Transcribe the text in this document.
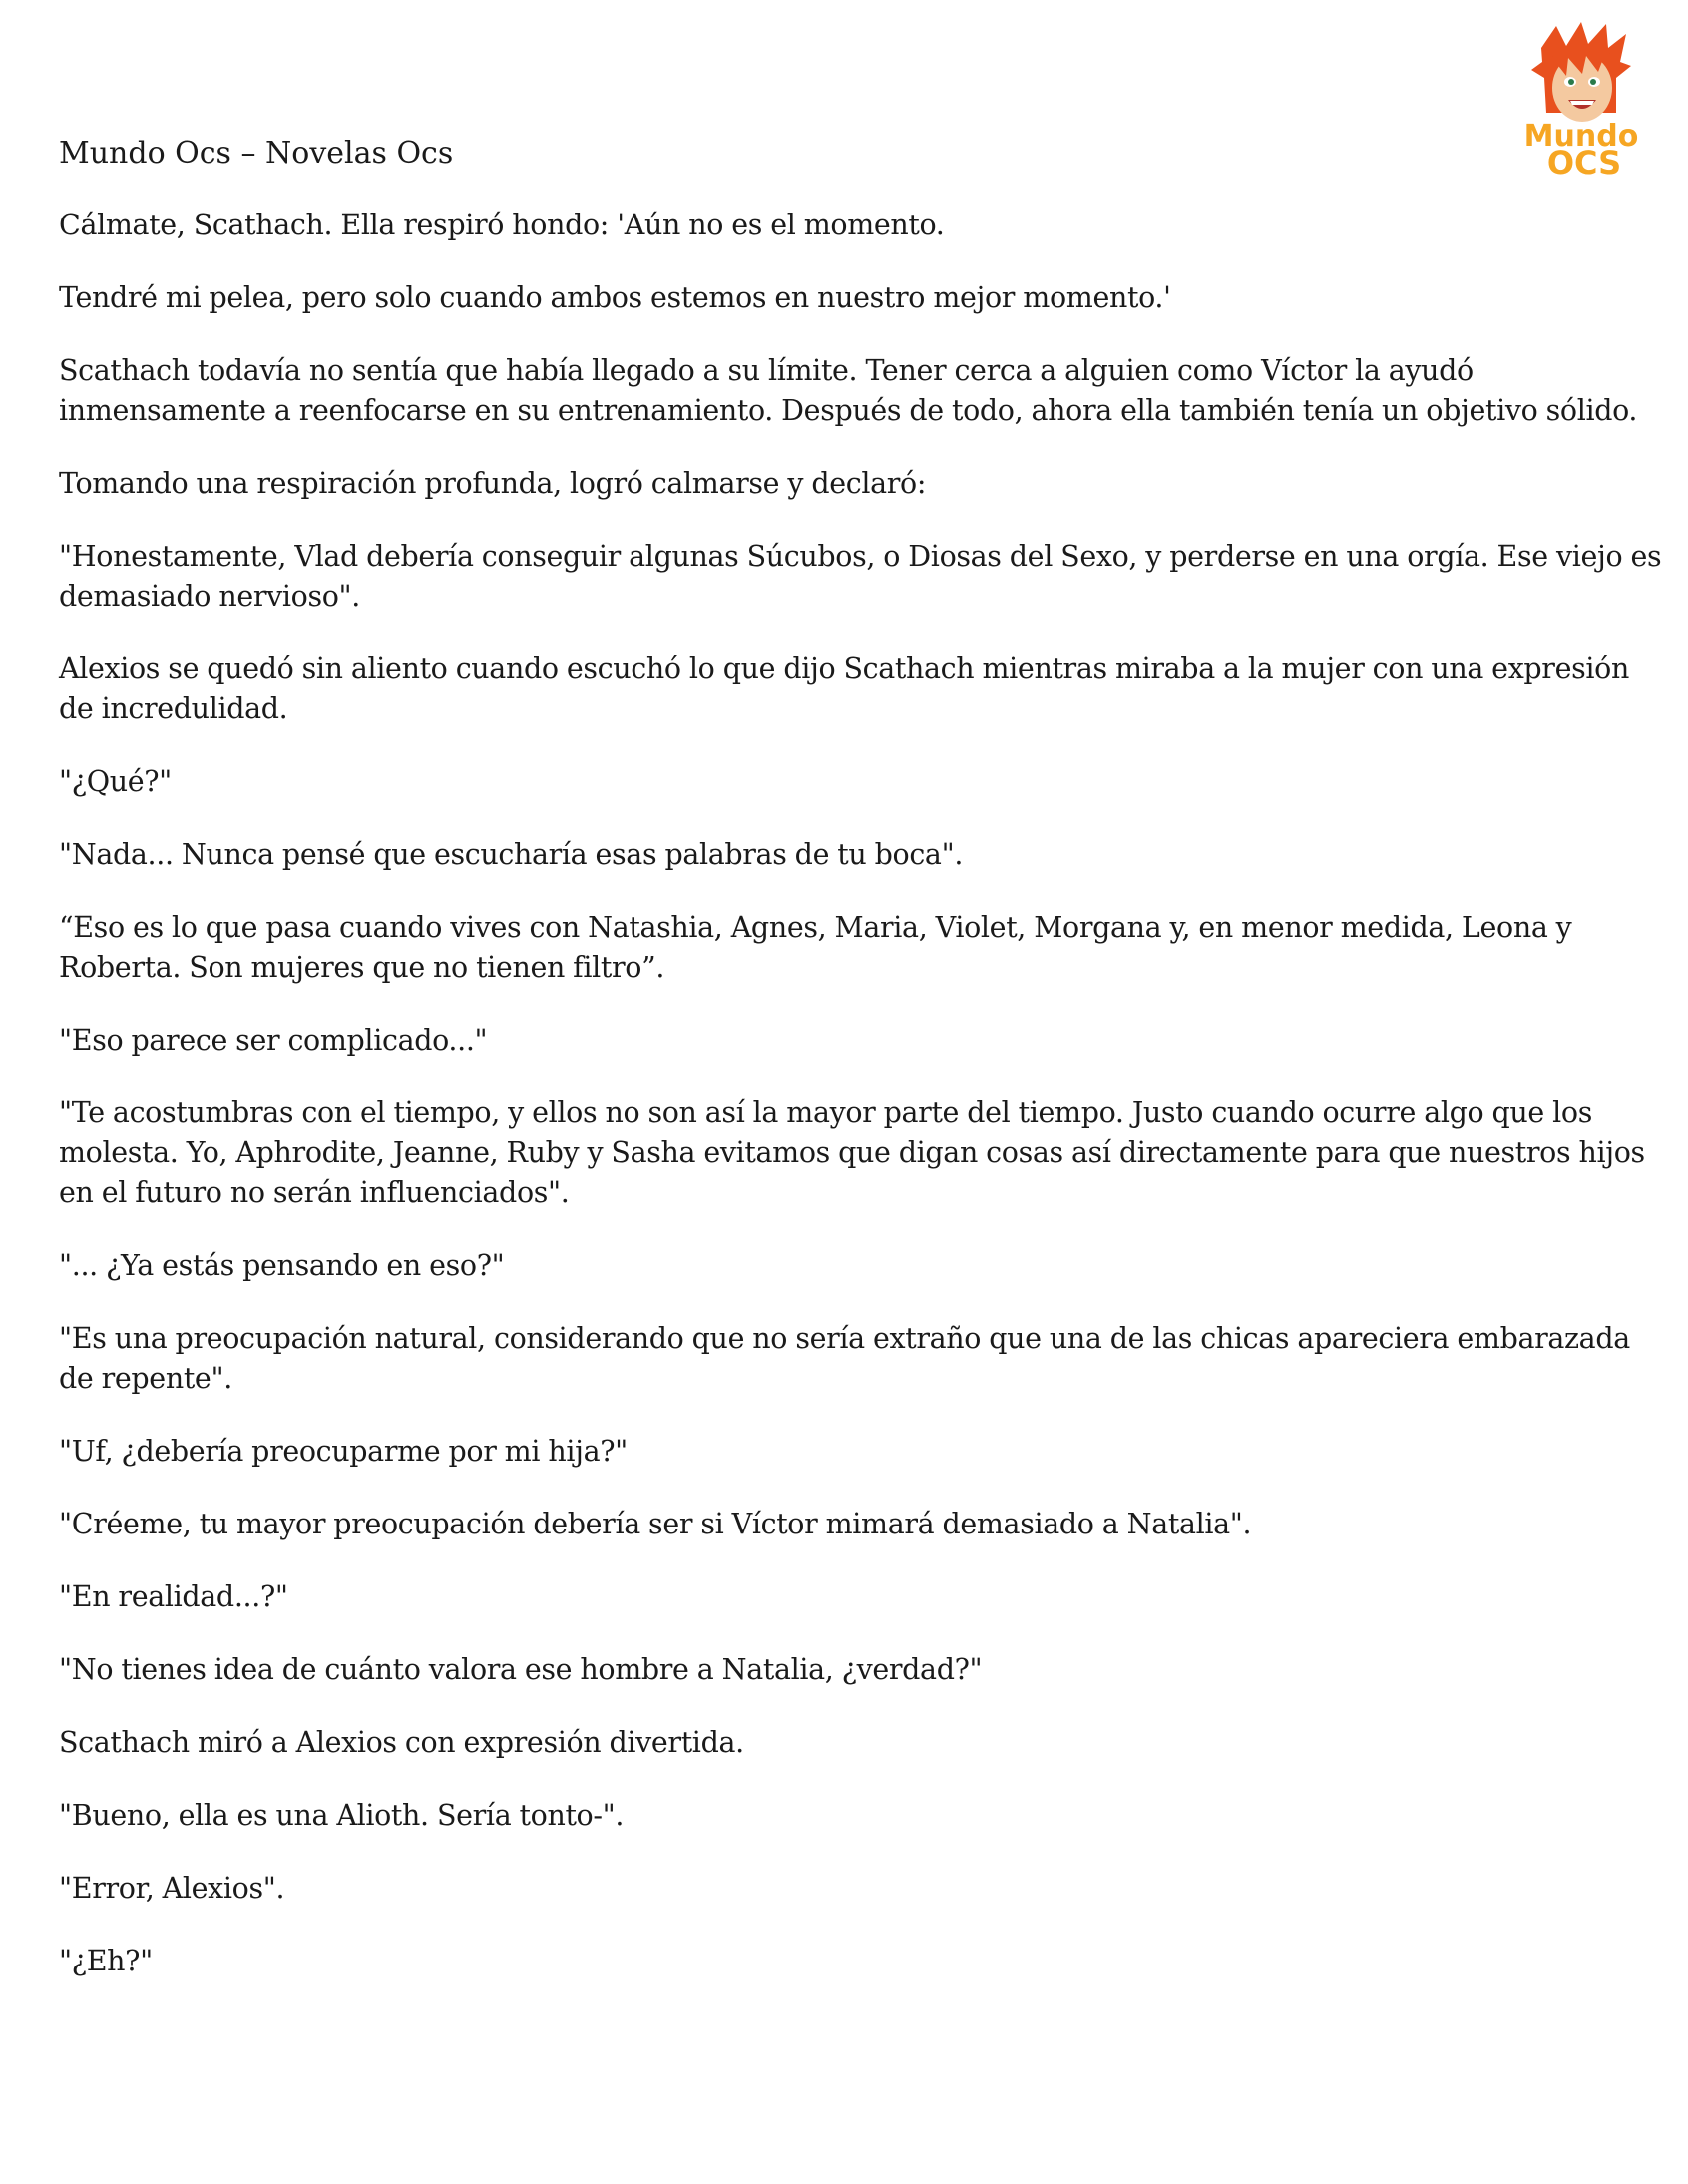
Mundo
OCS
Mundo Ocs – Novelas Ocs

Cálmate, Scathach. Ella respiró hondo: 'Aún no es el momento.

Tendré mi pelea, pero solo cuando ambos estemos en nuestro mejor momento.'

Scathach todavía no sentía que había llegado a su límite. Tener cerca a alguien como Víctor la ayudó
inmensamente a reenfocarse en su entrenamiento. Después de todo, ahora ella también tenía un objetivo sólido.

Tomando una respiración profunda, logró calmarse y declaró:

"Honestamente, Vlad debería conseguir algunas Súcubos, o Diosas del Sexo, y perderse en una orgía. Ese viejo es
demasiado nervioso".

Alexios se quedó sin aliento cuando escuchó lo que dijo Scathach mientras miraba a la mujer con una expresión
de incredulidad.

"¿Qué?"

"Nada... Nunca pensé que escucharía esas palabras de tu boca".

“Eso es lo que pasa cuando vives con Natashia, Agnes, Maria, Violet, Morgana y, en menor medida, Leona y
Roberta. Son mujeres que no tienen filtro”.

"Eso parece ser complicado..."

"Te acostumbras con el tiempo, y ellos no son así la mayor parte del tiempo. Justo cuando ocurre algo que los
molesta. Yo, Aphrodite, Jeanne, Ruby y Sasha evitamos que digan cosas así directamente para que nuestros hijos
en el futuro no serán influenciados".

"... ¿Ya estás pensando en eso?"

"Es una preocupación natural, considerando que no sería extraño que una de las chicas apareciera embarazada
de repente".

"Uf, ¿debería preocuparme por mi hija?"

"Créeme, tu mayor preocupación debería ser si Víctor mimará demasiado a Natalia".

"En realidad...?"

"No tienes idea de cuánto valora ese hombre a Natalia, ¿verdad?"

Scathach miró a Alexios con expresión divertida.

"Bueno, ella es una Alioth. Sería tonto-".

"Error, Alexios".

"¿Eh?"
